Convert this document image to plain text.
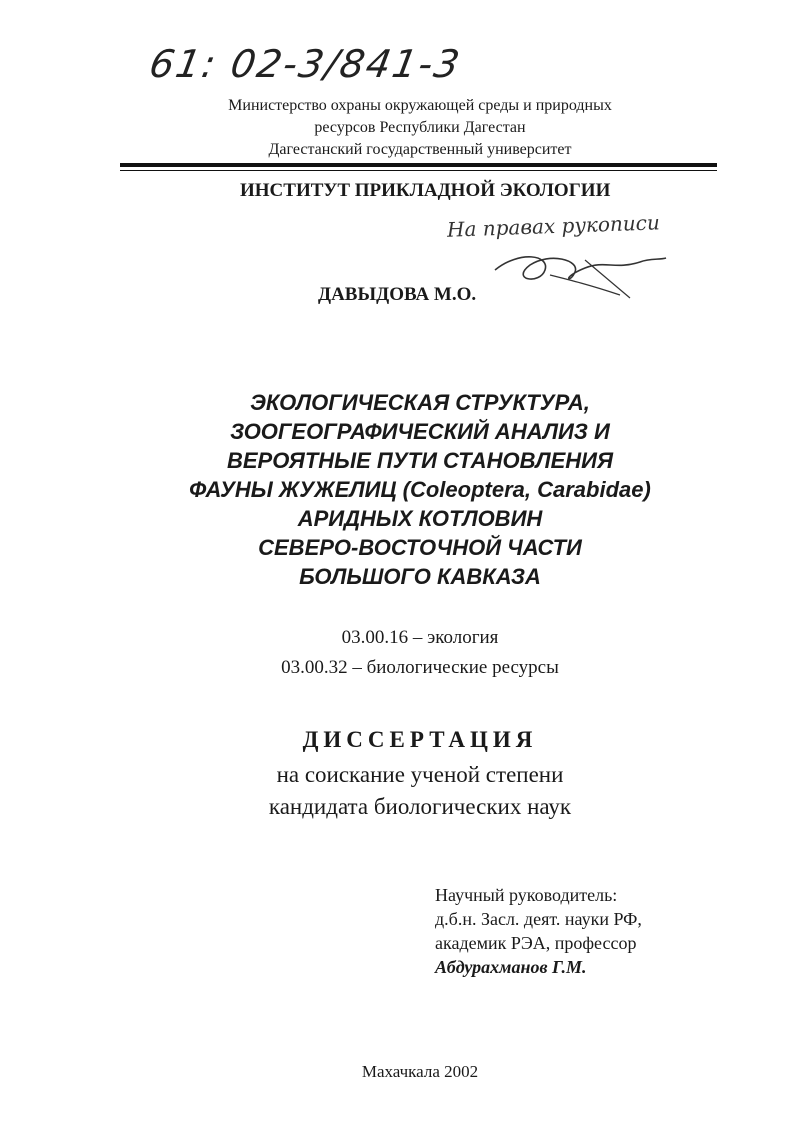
61: 02-3/841-3
Министерство охраны окружающей среды и природных
ресурсов Республики Дагестан
Дагестанский государственный университет
ИНСТИТУТ ПРИКЛАДНОЙ ЭКОЛОГИИ
На правах рукописи
ДАВЫДОВА М.О.
ЭКОЛОГИЧЕСКАЯ СТРУКТУРА,
ЗООГЕОГРАФИЧЕСКИЙ АНАЛИЗ И
ВЕРОЯТНЫЕ ПУТИ СТАНОВЛЕНИЯ
ФАУНЫ ЖУЖЕЛИЦ (Coleoptera, Carabidae)
АРИДНЫХ КОТЛОВИН
СЕВЕРО-ВОСТОЧНОЙ ЧАСТИ
БОЛЬШОГО КАВКАЗА
03.00.16 – экология
03.00.32 – биологические ресурсы
ДИССЕРТАЦИЯ
на соискание ученой степени
кандидата биологических наук
Научный руководитель:
д.б.н. Засл. деят. науки РФ,
академик РЭА, профессор
Абдурахманов Г.М.
Махачкала 2002
